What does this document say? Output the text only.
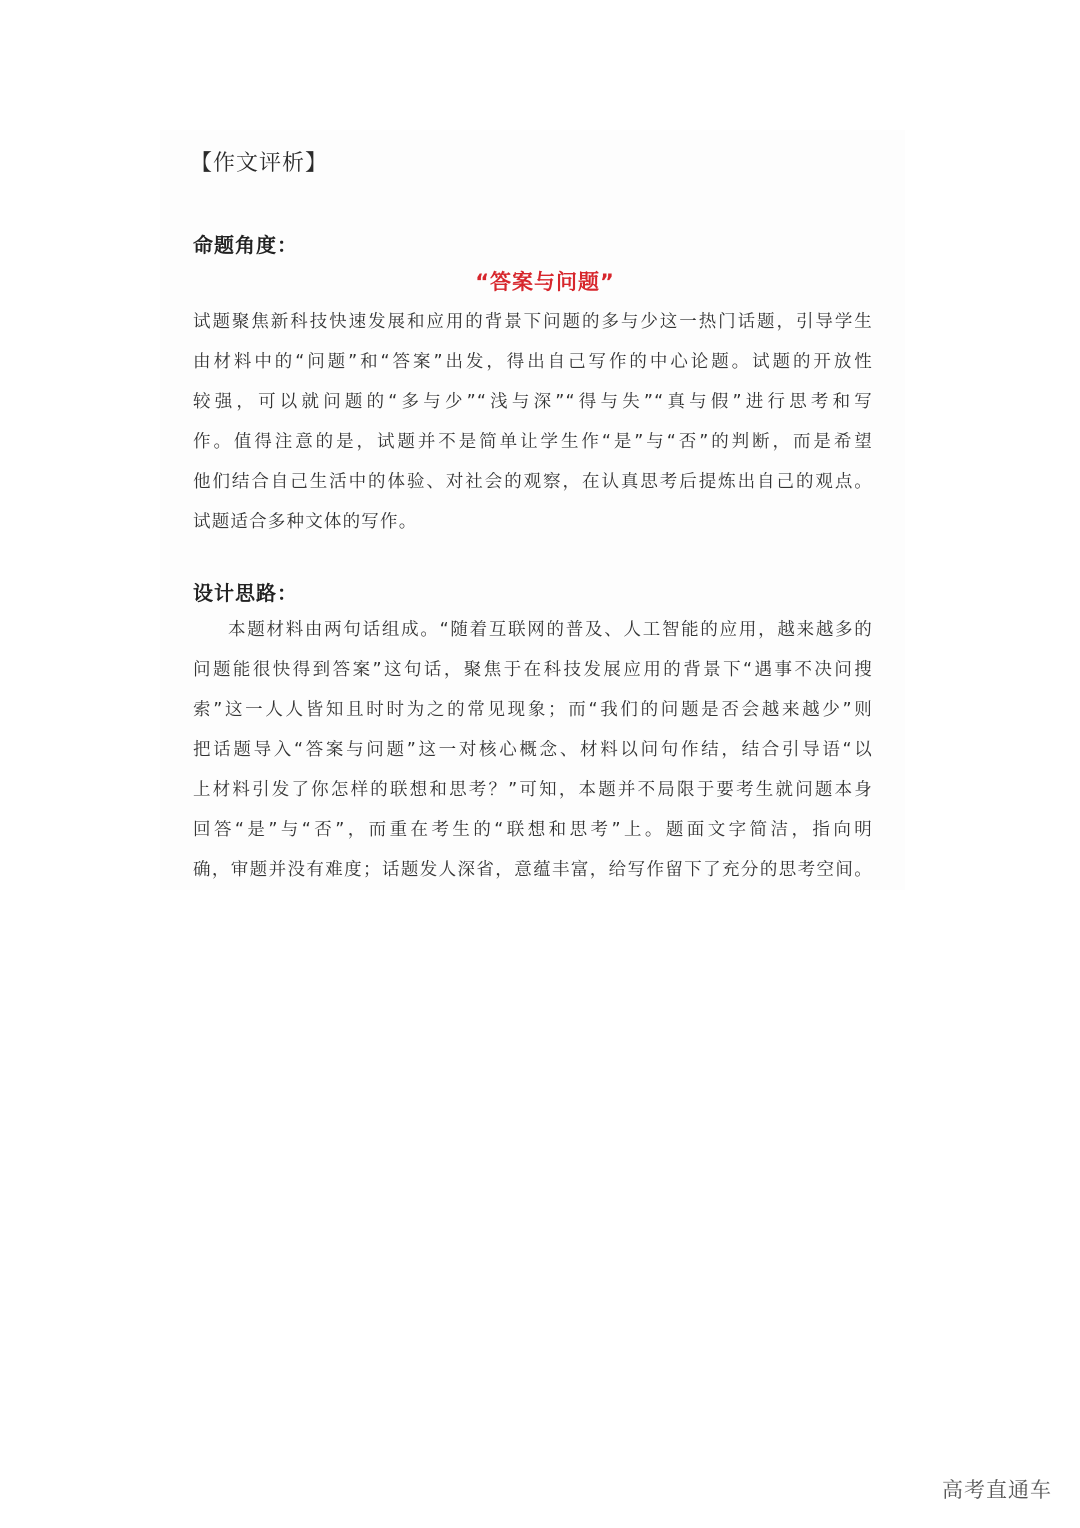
【作文评析】
命题角度：
“答案与问题”
试题聚焦新科技快速发展和应用的背景下问题的多与少这一热门话题，引导学生
由材料中的“问题”和“答案”出发，得出自己写作的中心论题。试题的开放性
较强，可以就问题的“多与少”“浅与深”“得与失”“真与假”进行思考和写
作。值得注意的是，试题并不是简单让学生作“是”与“否”的判断，而是希望
他们结合自己生活中的体验、对社会的观察，在认真思考后提炼出自己的观点。
试题适合多种文体的写作。
设计思路：
本题材料由两句话组成。“随着互联网的普及、人工智能的应用，越来越多的
问题能很快得到答案”这句话，聚焦于在科技发展应用的背景下“遇事不决问搜
索”这一人人皆知且时时为之的常见现象；而“我们的问题是否会越来越少”则
把话题导入“答案与问题”这一对核心概念、材料以问句作结，结合引导语“以
上材料引发了你怎样的联想和思考？”可知，本题并不局限于要考生就问题本身
回答“是”与“否”，而重在考生的“联想和思考”上。题面文字简洁，指向明
确，审题并没有难度；话题发人深省，意蕴丰富，给写作留下了充分的思考空间。
高考直通车
